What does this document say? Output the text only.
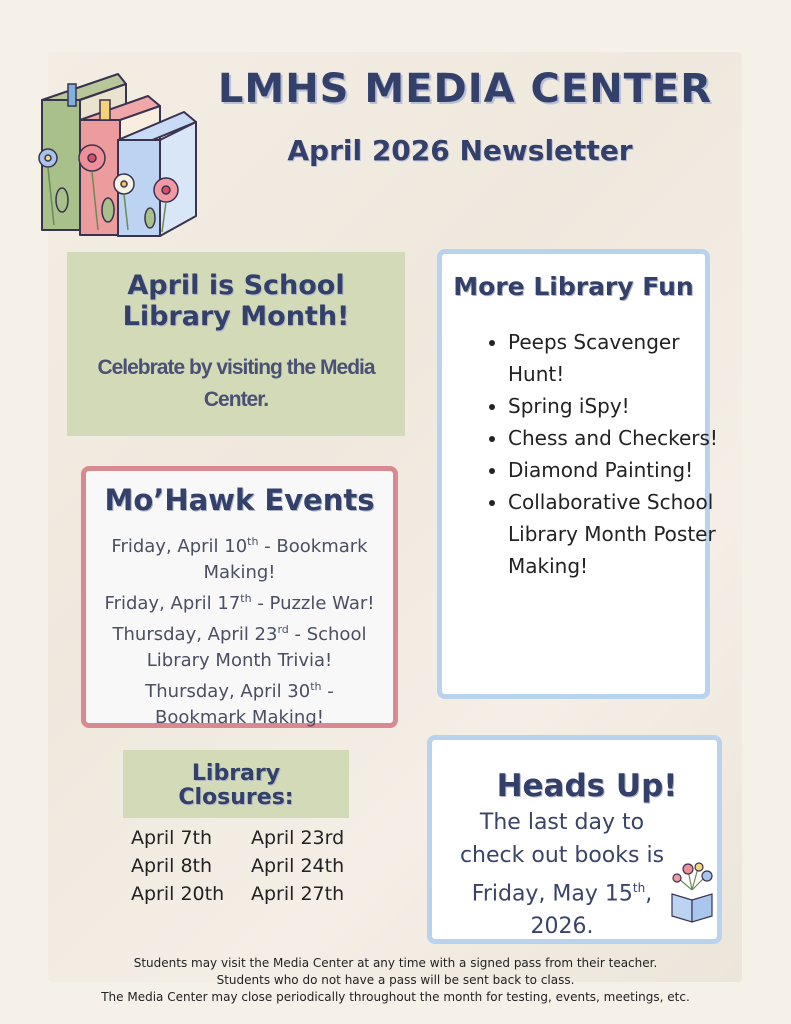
LMHS MEDIA CENTER
April 2026 Newsletter
April is School
Library Month!
Celebrate by visiting the Media
Center.
Mo’Hawk Events
Friday, April 10th - Bookmark
Making!
Friday, April 17th - Puzzle War!
Thursday, April 23rd - School
Library Month Trivia!
Thursday, April 30th -
Bookmark Making!
Library
Closures:
April 7th	April 23rd
April 8th	April 24th
April 20th	April 27th
More Library Fun
• Peeps Scavenger Hunt!
• Spring iSpy!
• Chess and Checkers!
• Diamond Painting!
• Collaborative School Library Month Poster Making!
Heads Up!
The last day to
check out books is
Friday, May 15th,
2026.
Students may visit the Media Center at any time with a signed pass from their teacher.
Students who do not have a pass will be sent back to class.
The Media Center may close periodically throughout the month for testing, events, meetings, etc.
